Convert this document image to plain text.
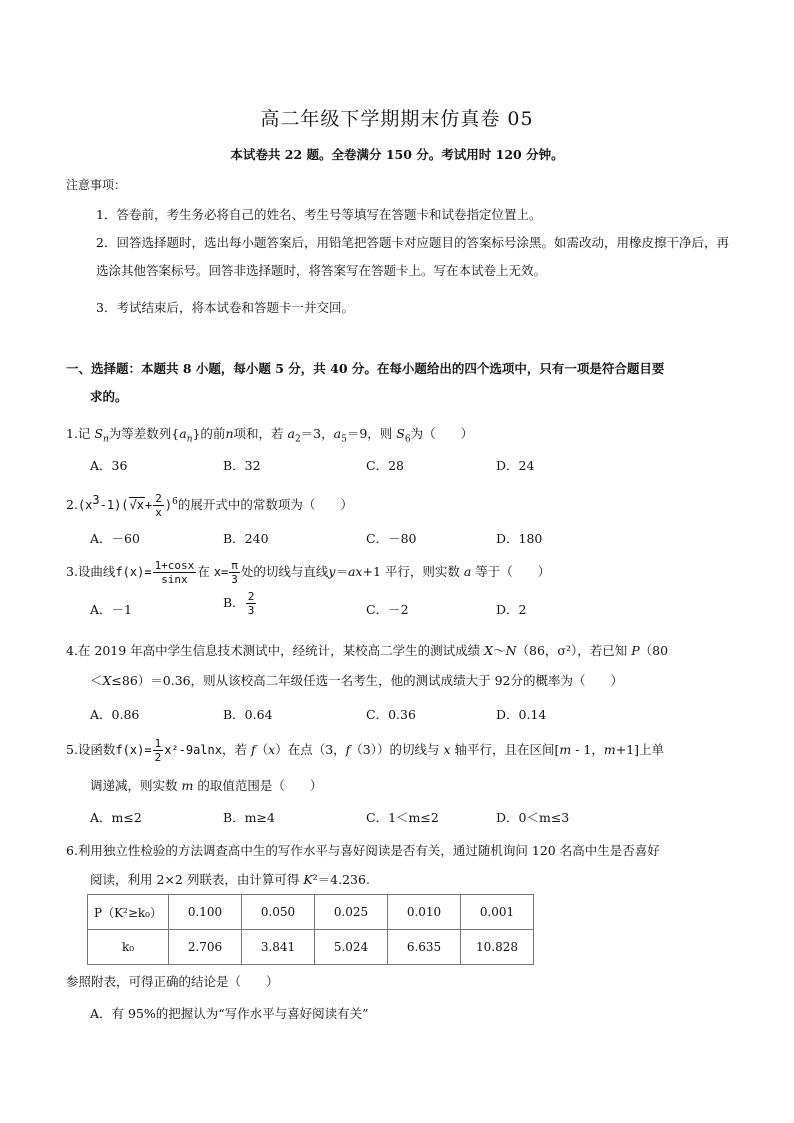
高二年级下学期期末仿真卷 05
本试卷共 22 题。全卷满分 150 分。考试用时 120 分钟。
注意事项：
1．答卷前，考生务必将自己的姓名、考生号等填写在答题卡和试卷指定位置上。
2．回答选择题时，选出每小题答案后，用铅笔把答题卡对应题目的答案标号涂黑。如需改动，用橡皮擦干净后，再选涂其他答案标号。回答非选择题时，将答案写在答题卡上。写在本试卷上无效。
3．考试结束后，将本试卷和答题卡一并交回。
一、选择题：本题共 8 小题，每小题 5 分，共 40 分。在每小题给出的四个选项中，只有一项是符合题目要
求的。
1.记 $S_n$为等差数列$\{a_n\}$的前n项和，若 $a_2=3$，$a_5=9$，则 $S_6$为（　　）
A．36	B．32	C．28	D．24
$2.(x^3-1)(√x+ \frac{2}{x} )^6$的展开式中的常数项为（　　）
A．－60	B．240	C．－80	D．180
3.设曲线$f(x)= \frac{1+\cos x}{\sin x}$ 在 $x= \frac{\pi}{3}$ 处的切线与直线y＝ax+1 平行，则实数 a 等于（　　）
A．－1	B． $\frac{2}{3}$	C．－2	D．2
4.在 2019 年高中学生信息技术测试中，经统计，某校高二学生的测试成绩 X～N（86，σ²），若已知 P（80
＜X≤86）＝0.36，则从该校高二年级任选一名考生，他的测试成绩大于 92分的概率为（　　）
A．0.86	B．0.64	C．0.36	D．0.14
5.设函数$f(x)= \frac{1}{2} x^2-9alnx$，若 f（x）在点（3，f（3））的切线与 x 轴平行，且在区间[m - 1，m+1]上单
调递减，则实数 m 的取值范围是（　　）
A．m≤2	B．m≥4	C．1＜m≤2	D．0＜m≤3
6.利用独立性检验的方法调查高中生的写作水平与喜好阅读是否有关，通过随机询问 120 名高中生是否喜好
阅读，利用 2×2 列联表，由计算可得 K²＝4.236.
P（K²≥k₀）	0.100	0.050	0.025	0.010	0.001
k₀	2.706	3.841	5.024	6.635	10.828
参照附表，可得正确的结论是（　　）
A．有 95%的把握认为“写作水平与喜好阅读有关”
